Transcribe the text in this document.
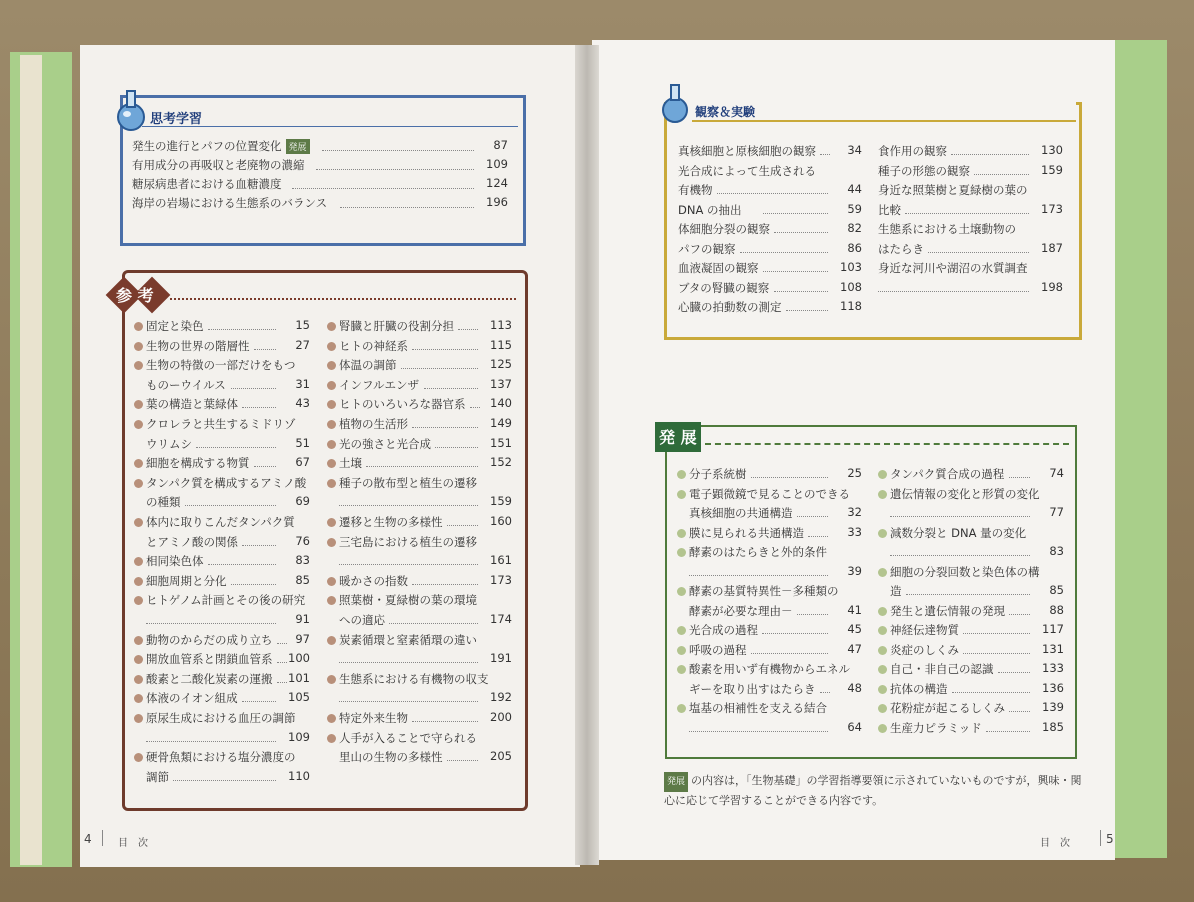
思考学習
発生の進行とパフの位置変化 発展	87
有用成分の再吸収と老廃物の濃縮	109
糖尿病患者における血糖濃度	124
海岸の岩場における生態系のバランス	196
参 考
固定と染色	15
生物の世界の階層性	27
生物の特徴の一部だけをもつ
ものーウイルス	31
葉の構造と葉緑体	43
クロレラと共生するミドリゾ
ウリムシ	51
細胞を構成する物質	67
タンパク質を構成するアミノ酸
の種類	69
体内に取りこんだタンパク質
とアミノ酸の関係	76
相同染色体	83
細胞周期と分化	85
ヒトゲノム計画とその後の研究
91
動物のからだの成り立ち	97
開放血管系と閉鎖血管系	100
酸素と二酸化炭素の運搬	101
体液のイオン組成	105
原尿生成における血圧の調節
109
硬骨魚類における塩分濃度の
調節	110
腎臓と肝臓の役割分担	113
ヒトの神経系	115
体温の調節	125
インフルエンザ	137
ヒトのいろいろな器官系	140
植物の生活形	149
光の強さと光合成	151
土壌	152
種子の散布型と植生の遷移
159
遷移と生物の多様性	160
三宅島における植生の遷移
161
暖かさの指数	173
照葉樹・夏緑樹の葉の環境
への適応	174
炭素循環と窒素循環の違い
191
生態系における有機物の収支
192
特定外来生物	200
人手が入ることで守られる
里山の生物の多様性	205
4	目　次
観察＆実験
真核細胞と原核細胞の観察	34
光合成によって生成される
有機物	44
DNA の抽出	59
体細胞分裂の観察	82
パフの観察	86
血液凝固の観察	103
ブタの腎臓の観察	108
心臓の拍動数の測定	118
食作用の観察	130
種子の形態の観察	159
身近な照葉樹と夏緑樹の葉の
比較	173
生態系における土壌動物の
はたらき	187
身近な河川や湖沼の水質調査
198
発 展
分子系統樹	25
電子顕微鏡で見ることのできる
真核細胞の共通構造	32
膜に見られる共通構造	33
酵素のはたらきと外的条件
39
酵素の基質特異性－多種類の
酵素が必要な理由－	41
光合成の過程	45
呼吸の過程	47
酸素を用いず有機物からエネル
ギーを取り出すはたらき	48
塩基の相補性を支える結合
64
タンパク質合成の過程	74
遺伝情報の変化と形質の変化
77
減数分裂と DNA 量の変化
83
細胞の分裂回数と染色体の構
造	85
発生と遺伝情報の発現	88
神経伝達物質	117
炎症のしくみ	131
自己・非自己の認識	133
抗体の構造	136
花粉症が起こるしくみ	139
生産力ピラミッド	185
発展 の内容は，「生物基礎」の学習指導要領に示されていないものですが，興味・関
心に応じて学習することができる内容です。
目　次	5
